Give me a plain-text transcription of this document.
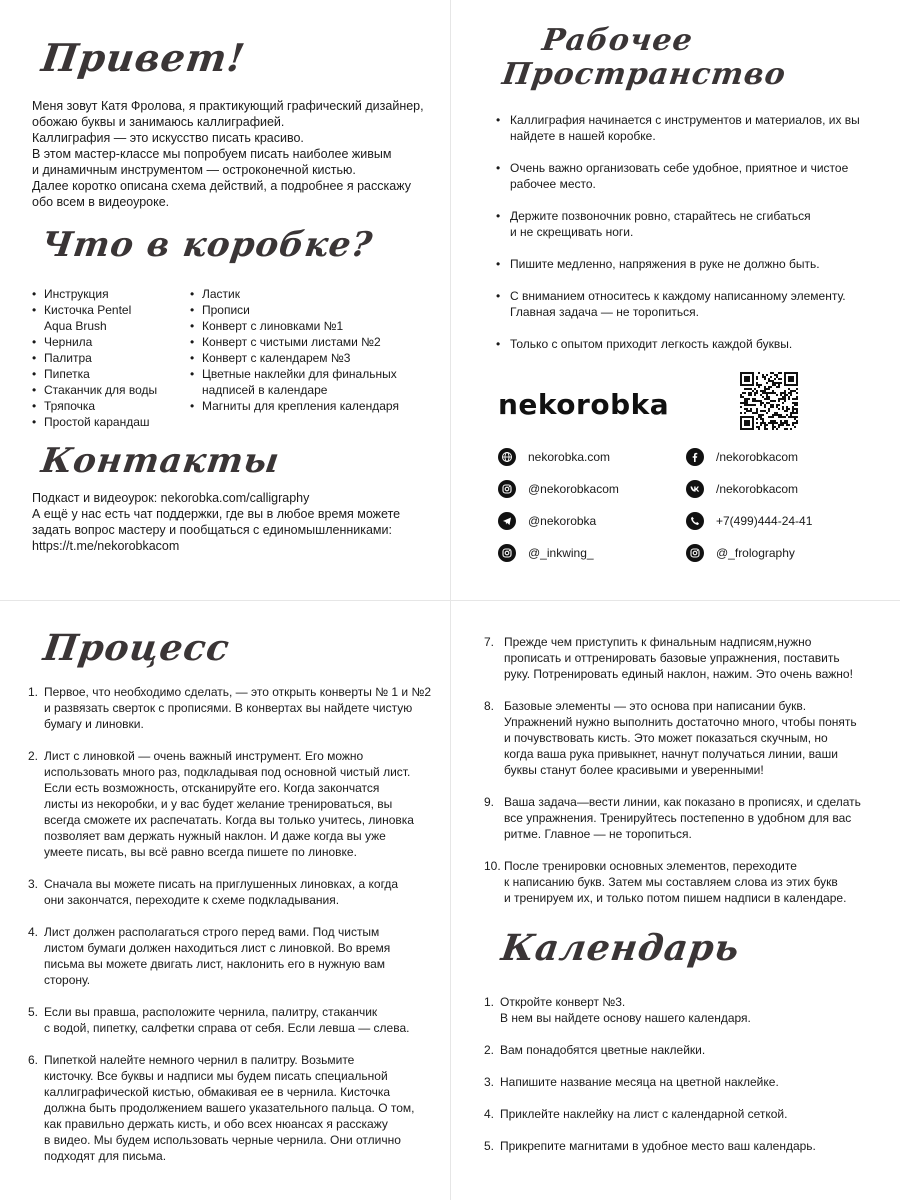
Привет!

Меня зовут Катя Фролова, я практикующий графический дизайнер,

обожаю буквы и занимаюсь каллиграфией.

Каллиграфия — это искусство писать красиво.

В этом мастер-классе мы попробуем писать наиболее живым

и динамичным инструментом — остроконечной кистью.

Далее коротко описана схема действий, а подробнее я расскажу

обо всем в видеоуроке.

Что в коробке?
• Инструкция
• Кисточка Pentel
Aqua Brush
• Чернила
• Палитра
• Пипетка
• Стаканчик для воды
• Тряпочка
• Простой карандаш
• Ластик
• Прописи
• Конверт с линовками №1
• Конверт с чистыми листами №2
• Конверт с календарем №3
• Цветные наклейки для финальных
надписей в календаре
• Магниты для крепления календаря
Контакты

Подкаст и видеоурок: nekorobka.com/calligraphy

А ещё у нас есть чат поддержки, где вы в любое время можете

задать вопрос мастеру и пообщаться с единомышленниками:

https://t.me/nekorobkacom

Рабочее
Пространство
• Каллиграфия начинается с инструментов и материалов, их вы
найдете в нашей коробке.
• Очень важно организовать себе удобное, приятное и чистое
рабочее место.
• Держите позвоночник ровно, старайтесь не сгибаться
и не скрещивать ноги.
• Пишите медленно, напряжения в руке не должно быть.
• С вниманием относитесь к каждому написанному элементу.
Главная задача — не торопиться.
• Только с опытом приходит легкость каждой буквы.
nekorobka
nekorobka.com	/nekorobkacom
@nekorobkacom	/nekorobkacom
@nekorobka	+7(499)444-24-41
@_inkwing_	@_frolography
Процесс
1. Первое, что необходимо сделать, — это открыть конверты № 1 и №2
и развязать сверток с прописями. В конвертах вы найдете чистую
бумагу и линовки.
2. Лист с линовкой — очень важный инструмент. Его можно
использовать много раз, подкладывая под основной чистый лист.
Если есть возможность, отсканируйте его. Когда закончатся
листы из некоробки, и у вас будет желание тренироваться, вы
всегда сможете их распечатать. Когда вы только учитесь, линовка
позволяет вам держать нужный наклон. И даже когда вы уже
умеете писать, вы всё равно всегда пишете по линовке.
3. Сначала вы можете писать на приглушенных линовках, а когда
они закончатся, переходите к схеме подкладывания.
4. Лист должен располагаться строго перед вами. Под чистым
листом бумаги должен находиться лист с линовкой. Во время
письма вы можете двигать лист, наклонить его в нужную вам
сторону.
5. Если вы правша, расположите чернила, палитру, стаканчик
с водой, пипетку, салфетки справа от себя. Если левша — слева.
6. Пипеткой налейте немного чернил в палитру. Возьмите
кисточку. Все буквы и надписи мы будем писать специальной
каллиграфической кистью, обмакивая ее в чернила. Кисточка
должна быть продолжением вашего указательного пальца. О том,
как правильно держать кисть, и обо всех нюансах я расскажу
в видео. Мы будем использовать черные чернила. Они отлично
подходят для письма.
7. Прежде чем приступить к финальным надписям,нужно
прописать и оттренировать базовые упражнения, поставить
руку. Потренировать единый наклон, нажим. Это очень важно!
8. Базовые элементы — это основа при написании букв.
Упражнений нужно выполнить достаточно много, чтобы понять
и почувствовать кисть. Это может показаться скучным, но
когда ваша рука привыкнет, начнут получаться линии, ваши
буквы станут более красивыми и уверенными!
9. Ваша задача—вести линии, как показано в прописях, и сделать
все упражнения. Тренируйтесь постепенно в удобном для вас
ритме. Главное — не торопиться.
10. После тренировки основных элементов, переходите
к написанию букв. Затем мы составляем слова из этих букв
и тренируем их, и только потом пишем надписи в календаре.
Календарь
1. Откройте конверт №3.
В нем вы найдете основу нашего календаря.
2. Вам понадобятся цветные наклейки.
3. Напишите название месяца на цветной наклейке.
4. Приклейте наклейку на лист с календарной сеткой.
5. Прикрепите магнитами в удобное место ваш календарь.
